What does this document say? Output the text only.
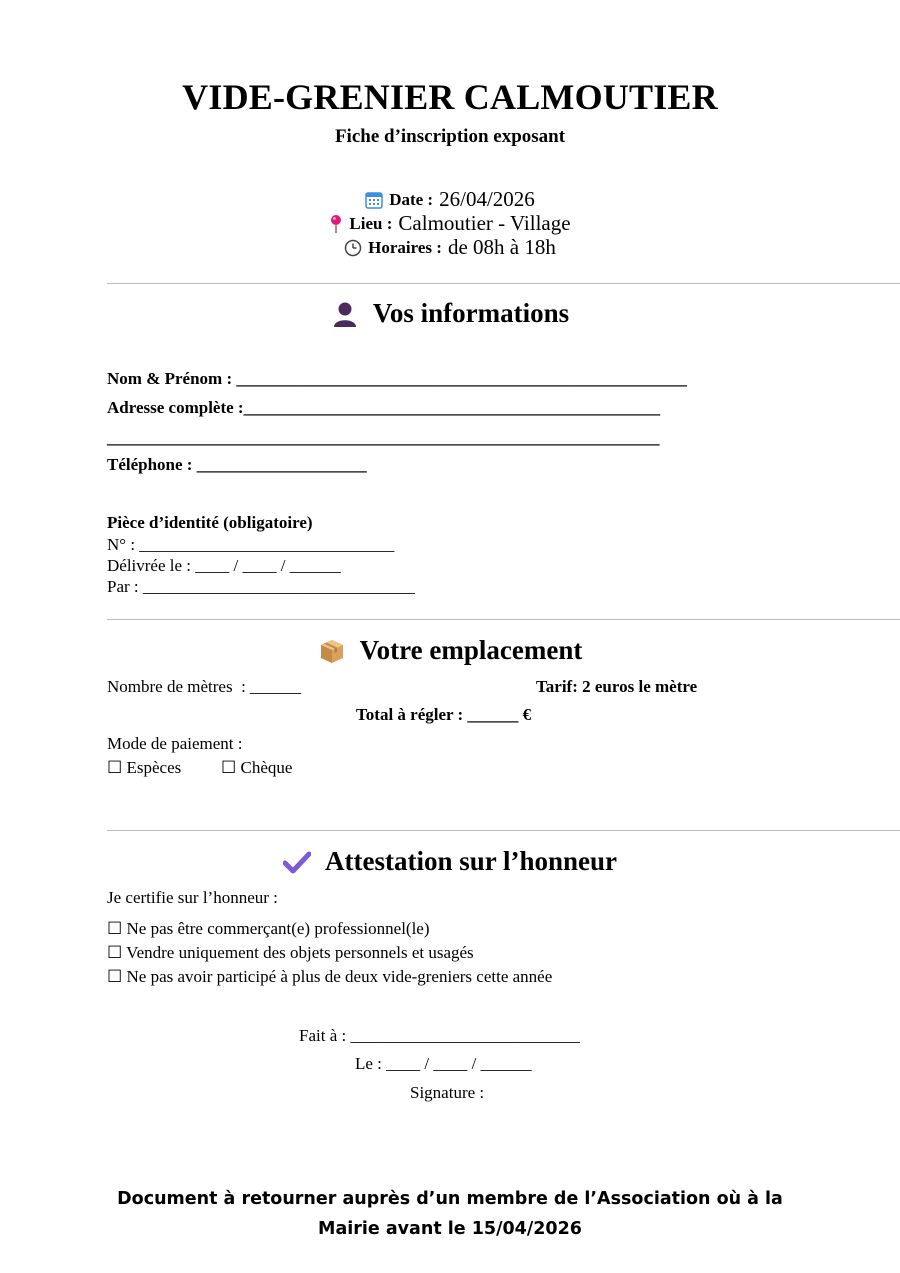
VIDE-GRENIER CALMOUTIER
Fiche d’inscription exposant
Date : 26/04/2026
Lieu : Calmoutier - Village
Horaires : de 08h à 18h
Vos informations
Nom & Prénom : _____________________________________________________
Adresse complète :_________________________________________________
_________________________________________________________________
Téléphone : ____________________
Pièce d’identité (obligatoire)
N° : ______________________________
Délivrée le : ____ / ____ / ______
Par : ________________________________
Votre emplacement
Nombre de mètres  : ______	Tarif: 2 euros le mètre
Total à régler : ______ €
Mode de paiement :
☐ Espèces ☐ Chèque
Attestation sur l’honneur
Je certifie sur l’honneur :
☐ Ne pas être commerçant(e) professionnel(le)
☐ Vendre uniquement des objets personnels et usagés
☐ Ne pas avoir participé à plus de deux vide-greniers cette année
Fait à : ___________________________
Le : ____ / ____ / ______
Signature :
Document à retourner auprès d’un membre de l’Association où à la
Mairie avant le 15/04/2026
